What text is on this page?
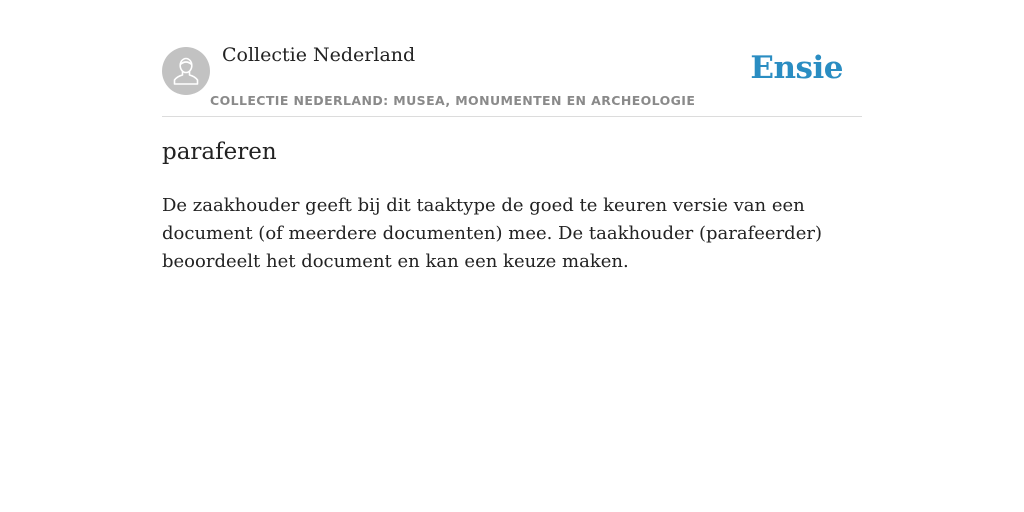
Collectie Nederland
COLLECTIE NEDERLAND: MUSEA, MONUMENTEN EN ARCHEOLOGIE
Ensie
paraferen

De zaakhouder geeft bij dit taaktype de goed te keuren versie van een document (of meerdere documenten) mee. De taakhouder (parafeerder) beoordeelt het document en kan een keuze maken.
